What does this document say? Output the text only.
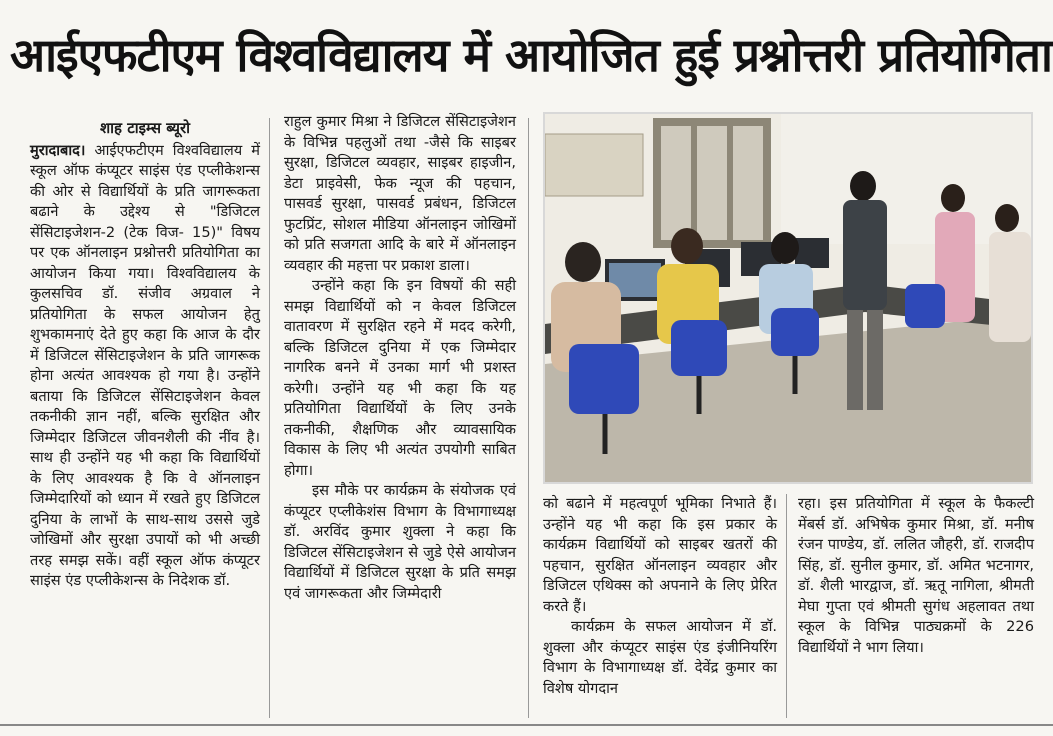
आईएफटीएम विश्वविद्यालय में आयोजित हुई प्रश्नोत्तरी प्रतियोगिता
शाह टाइम्स ब्यूरो

मुरादाबाद। आईएफटीएम विश्वविद्यालय में स्कूल ऑफ कंप्यूटर साइंस एंड एप्लीकेशन्स की ओर से विद्यार्थियों के प्रति जागरूकता बढाने के उद्देश्य से "डिजिटल सेंसिटाइजेशन-2 (टेक विज- 15)" विषय पर एक ऑनलाइन प्रश्नोत्तरी प्रतियोगिता का आयोजन किया गया। विश्वविद्यालय के कुलसचिव डॉ. संजीव अग्रवाल ने प्रतियोगिता के सफल आयोजन हेतु शुभकामनाएं देते हुए कहा कि आज के दौर में डिजिटल सेंसिटाइजेशन के प्रति जागरूक होना अत्यंत आवश्यक हो गया है। उन्होंने बताया कि डिजिटल सेंसिटाइजेशन केवल तकनीकी ज्ञान नहीं, बल्कि सुरक्षित और जिम्मेदार डिजिटल जीवनशैली की नींव है। साथ ही उन्होंने यह भी कहा कि विद्यार्थियों के लिए आवश्यक है कि वे ऑनलाइन जिम्मेदारियों को ध्यान में रखते हुए डिजिटल दुनिया के लाभों के साथ-साथ उससे जुडे जोखिमों और सुरक्षा उपायों को भी अच्छी तरह समझ सकें। वहीं स्कूल ऑफ कंप्यूटर साइंस एंड एप्लीकेशन्स के निदेशक डॉ.

राहुल कुमार मिश्रा ने डिजिटल सेंसिटाइजेशन के विभिन्न पहलुओं तथा -जैसे कि साइबर सुरक्षा, डिजिटल व्यवहार, साइबर हाइजीन, डेटा प्राइवेसी, फेक न्यूज की पहचान, पासवर्ड सुरक्षा, पासवर्ड प्रबंधन, डिजिटल फुटप्रिंट, सोशल मीडिया ऑनलाइन जोखिमों को प्रति सजगता आदि के बारे में ऑनलाइन व्यवहार की महत्ता पर प्रकाश डाला।

उन्होंने कहा कि इन विषयों की सही समझ विद्यार्थियों को न केवल डिजिटल वातावरण में सुरक्षित रहने में मदद करेगी, बल्कि डिजिटल दुनिया में एक जिम्मेदार नागरिक बनने में उनका मार्ग भी प्रशस्त करेगी। उन्होंने यह भी कहा कि यह प्रतियोगिता विद्यार्थियों के लिए उनके तकनीकी, शैक्षणिक और व्यावसायिक विकास के लिए भी अत्यंत उपयोगी साबित होगा।

इस मौके पर कार्यक्रम के संयोजक एवं कंप्यूटर एप्लीकेशंस विभाग के विभागाध्यक्ष डॉ. अरविंद कुमार शुक्ला ने कहा कि डिजिटल सेंसिटाइजेशन से जुडे ऐसे आयोजन विद्यार्थियों में डिजिटल सुरक्षा के प्रति समझ एवं जागरूकता और जिम्मेदारी

को बढाने में महत्वपूर्ण भूमिका निभाते हैं। उन्होंने यह भी कहा कि इस प्रकार के कार्यक्रम विद्यार्थियों को साइबर खतरों की पहचान, सुरक्षित ऑनलाइन व्यवहार और डिजिटल एथिक्स को अपनाने के लिए प्रेरित करते हैं।

कार्यक्रम के सफल आयोजन में डॉ. शुक्ला और कंप्यूटर साइंस एंड इंजीनियरिंग विभाग के विभागाध्यक्ष डॉ. देवेंद्र कुमार का विशेष योगदान

रहा। इस प्रतियोगिता में स्कूल के फैकल्टी मेंबर्स डॉ. अभिषेक कुमार मिश्रा, डॉ. मनीष रंजन पाण्डेय, डॉ. ललित जौहरी, डॉ. राजदीप सिंह, डॉ. सुनील कुमार, डॉ. अमित भटनागर, डॉ. शैली भारद्वाज, डॉ. ऋतू नागिला, श्रीमती मेघा गुप्ता एवं श्रीमती सुगंध अहलावत तथा स्कूल के विभिन्न पाठ्यक्रमों के 226 विद्यार्थियों ने भाग लिया।
